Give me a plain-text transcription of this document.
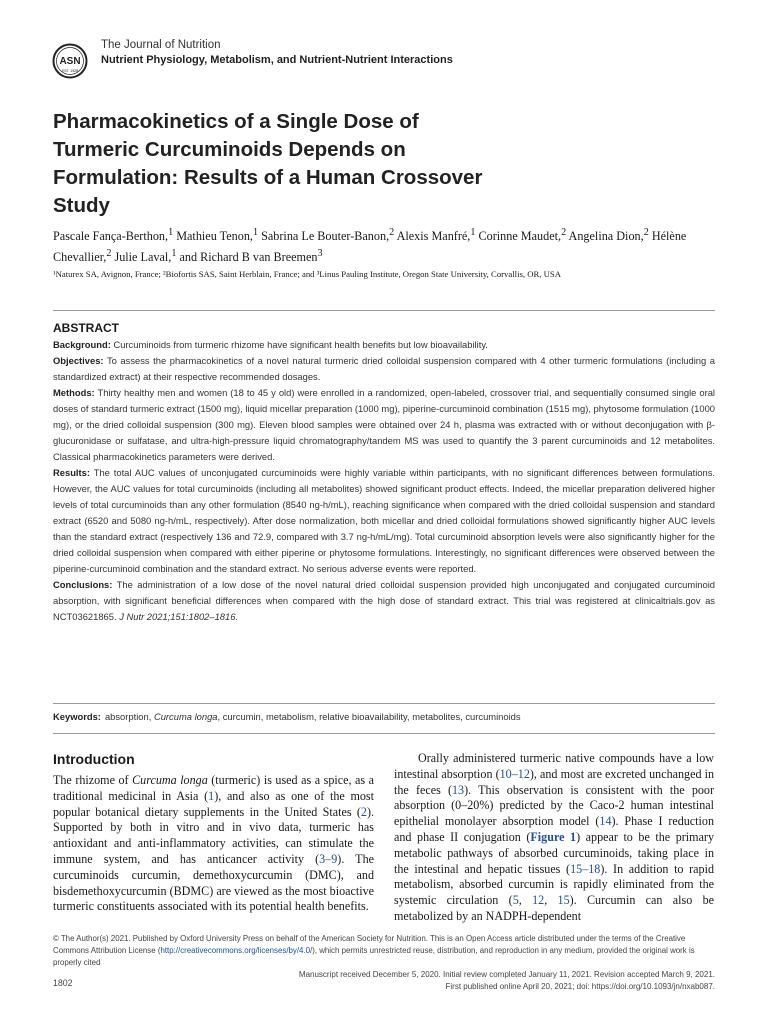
ASN
EST. 1928
The Journal of Nutrition
Nutrient Physiology, Metabolism, and Nutrient-Nutrient Interactions
Pharmacokinetics of a Single Dose of
Turmeric Curcuminoids Depends on
Formulation: Results of a Human Crossover
Study
Pascale Fança-Berthon,$^1$ Mathieu Tenon,$^1$ Sabrina Le Bouter-Banon,$^2$ Alexis Manfré,$^1$ Corinne Maudet,$^2$ Angelina Dion,$^2$ Hélène Chevallier,$^2$ Julie Laval,$^1$ and Richard B van Breemen$^3$
¹Naturex SA, Avignon, France; ²Biofortis SAS, Saint Herblain, France; and ³Linus Pauling Institute, Oregon State University, Corvallis, OR, USA
ABSTRACT

Background: Curcuminoids from turmeric rhizome have significant health benefits but low bioavailability.

Objectives: To assess the pharmacokinetics of a novel natural turmeric dried colloidal suspension compared with 4 other turmeric formulations (including a standardized extract) at their respective recommended dosages.

Methods: Thirty healthy men and women (18 to 45 y old) were enrolled in a randomized, open-labeled, crossover trial, and sequentially consumed single oral doses of standard turmeric extract (1500 mg), liquid micellar preparation (1000 mg), piperine-curcuminoid combination (1515 mg), phytosome formulation (1000 mg), or the dried colloidal suspension (300 mg). Eleven blood samples were obtained over 24 h, plasma was extracted with or without deconjugation with β-glucuronidase or sulfatase, and ultra-high-pressure liquid chromatography/tandem MS was used to quantify the 3 parent curcuminoids and 12 metabolites. Classical pharmacokinetics parameters were derived.

Results: The total AUC values of unconjugated curcuminoids were highly variable within participants, with no significant differences between formulations. However, the AUC values for total curcuminoids (including all metabolites) showed significant product effects. Indeed, the micellar preparation delivered higher levels of total curcuminoids than any other formulation (8540 ng-h/mL), reaching significance when compared with the dried colloidal suspension and standard extract (6520 and 5080 ng-h/mL, respectively). After dose normalization, both micellar and dried colloidal formulations showed significantly higher AUC levels than the standard extract (respectively 136 and 72.9, compared with 3.7 ng-h/mL/mg). Total curcuminoid absorption levels were also significantly higher for the dried colloidal suspension when compared with either piperine or phytosome formulations. Interestingly, no significant differences were observed between the piperine-curcuminoid combination and the standard extract. No serious adverse events were reported.

Conclusions: The administration of a low dose of the novel natural dried colloidal suspension provided high unconjugated and conjugated curcuminoid absorption, with significant beneficial differences when compared with the high dose of standard extract. This trial was registered at clinicaltrials.gov as NCT03621865. J Nutr 2021;151:1802–1816.

Keywords: absorption, Curcuma longa, curcumin, metabolism, relative bioavailability, metabolites, curcuminoids
Introduction

The rhizome of Curcuma longa (turmeric) is used as a spice, as a traditional medicinal in Asia (1), and also as one of the most popular botanical dietary supplements in the United States (2). Supported by both in vitro and in vivo data, turmeric has antioxidant and anti-inflammatory activities, can stimulate the immune system, and has anticancer activity (3–9). The curcuminoids curcumin, demethoxycurcumin (DMC), and bisdemethoxycurcumin (BDMC) are viewed as the most bioactive turmeric constituents associated with its potential health benefits.

Orally administered turmeric native compounds have a low intestinal absorption (10–12), and most are excreted unchanged in the feces (13). This observation is consistent with the poor absorption (0–20%) predicted by the Caco-2 human intestinal epithelial monolayer absorption model (14). Phase I reduction and phase II conjugation (Figure 1) appear to be the primary metabolic pathways of absorbed curcuminoids, taking place in the intestinal and hepatic tissues (15–18). In addition to rapid metabolism, absorbed curcumin is rapidly eliminated from the systemic circulation (5, 12, 15). Curcumin can also be metabolized by an NADPH-dependent

© The Author(s) 2021. Published by Oxford University Press on behalf of the American Society for Nutrition. This is an Open Access article distributed under the terms of the Creative Commons Attribution License (http://creativecommons.org/licenses/by/4.0/), which permits unrestricted reuse, distribution, and reproduction in any medium, provided the original work is properly cited
Manuscript received December 5, 2020. Initial review completed January 11, 2021. Revision accepted March 9, 2021.
First published online April 20, 2021; doi: https://doi.org/10.1093/jn/nxab087.
1802
